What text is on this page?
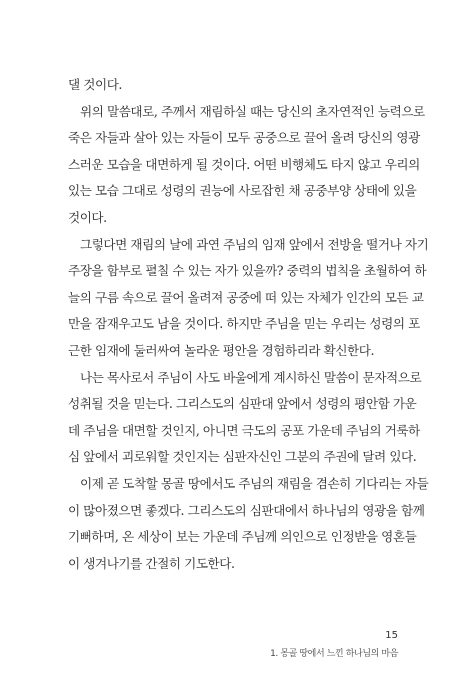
댈 것이다.
위의 말씀대로, 주께서 재림하실 때는 당신의 초자연적인 능력으로
죽은 자들과 살아 있는 자들이 모두 공중으로 끌어 올려 당신의 영광
스러운 모습을 대면하게 될 것이다. 어떤 비행체도 타지 않고 우리의
있는 모습 그대로 성령의 권능에 사로잡힌 채 공중부양 상태에 있을
것이다.
그렇다면 재림의 날에 과연 주님의 임재 앞에서 전방을 떨거나 자기
주장을 함부로 펼칠 수 있는 자가 있을까? 중력의 법칙을 초월하여 하
늘의 구름 속으로 끌어 올려져 공중에 떠 있는 자체가 인간의 모든 교
만을 잠재우고도 남을 것이다. 하지만 주님을 믿는 우리는 성령의 포
근한 임재에 둘러싸여 놀라운 평안을 경험하리라 확신한다.
나는 목사로서 주님이 사도 바울에게 계시하신 말씀이 문자적으로
성취될 것을 믿는다. 그리스도의 심판대 앞에서 성령의 평안함 가운
데 주님을 대면할 것인지, 아니면 극도의 공포 가운데 주님의 거룩하
심 앞에서 괴로워할 것인지는 심판자신인 그분의 주권에 달려 있다.
이제 곧 도착할 몽골 땅에서도 주님의 재림을 겸손히 기다리는 자들
이 많아졌으면 좋겠다. 그리스도의 심판대에서 하나님의 영광을 함께
기뻐하며, 온 세상이 보는 가운데 주님께 의인으로 인정받을 영혼들
이 생겨나기를 간절히 기도한다.
15
1. 몽골 땅에서 느낀 하나님의 마음
